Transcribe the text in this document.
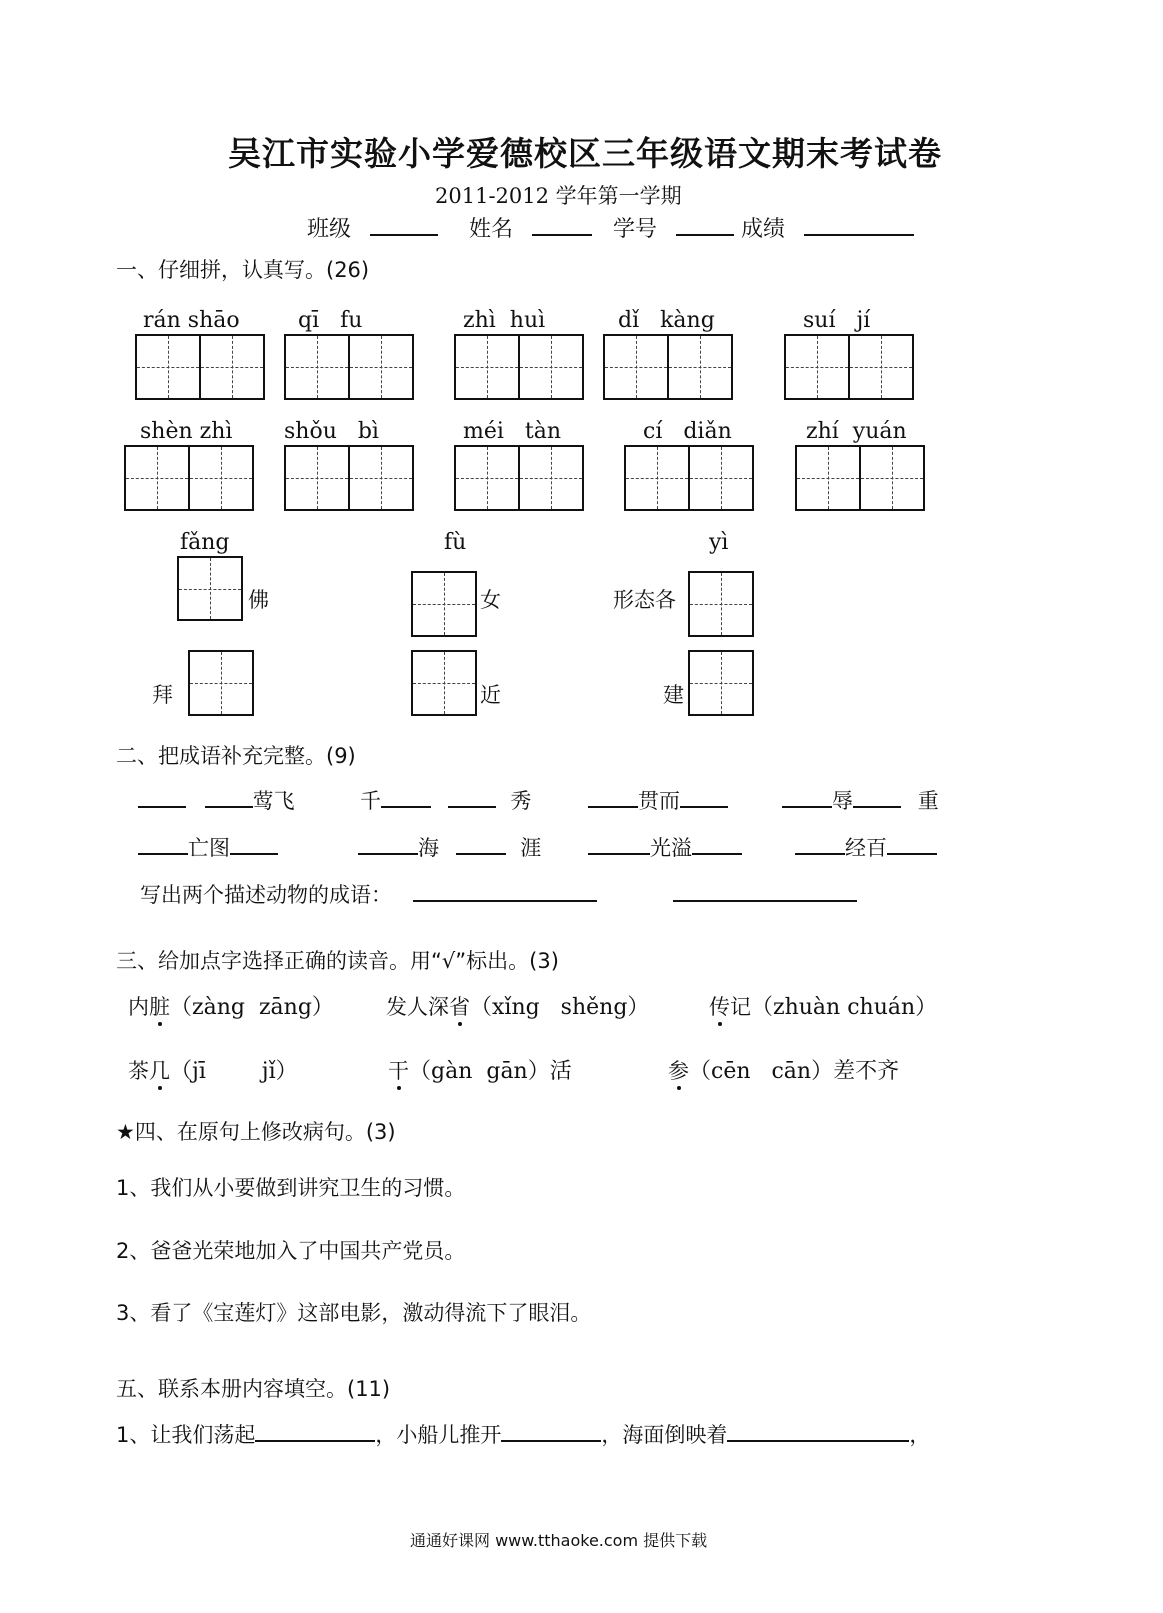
吴江市实验小学爱德校区三年级语文期末考试卷
2011-2012 学年第一学期
班级	姓名	学号	成绩
一、仔细拼，认真写。(26)
rán shāo	qī   fu	zhì  huì	dǐ   kàng	suí   jí
shèn zhì shǒu   bì	méi   tàn	cí   diǎn	zhí  yuán
fǎng	fù	yì
佛	女	形态各
拜	近	建
二、把成语补充完整。(9)
莺飞	千	秀	贯而	辱	重
亡图	海	涯	光溢	经百
写出两个描述动物的成语：
三、给加点字选择正确的读音。用“√”标出。(3)
内脏（zàng  zāng） 发人深省（xǐng   shěng）	传记（zhuàn chuán）
茶几（jī        jǐ）	干（gàn  gān）活	参（cēn   cān）差不齐
★四、在原句上修改病句。(3)
1、我们从小要做到讲究卫生的习惯。
2、爸爸光荣地加入了中国共产党员。
3、看了《宝莲灯》这部电影，激动得流下了眼泪。
五、联系本册内容填空。(11)
1、让我们荡起	，小船儿推开	，海面倒映着	，
通通好课网 www.tthaoke.com 提供下载
